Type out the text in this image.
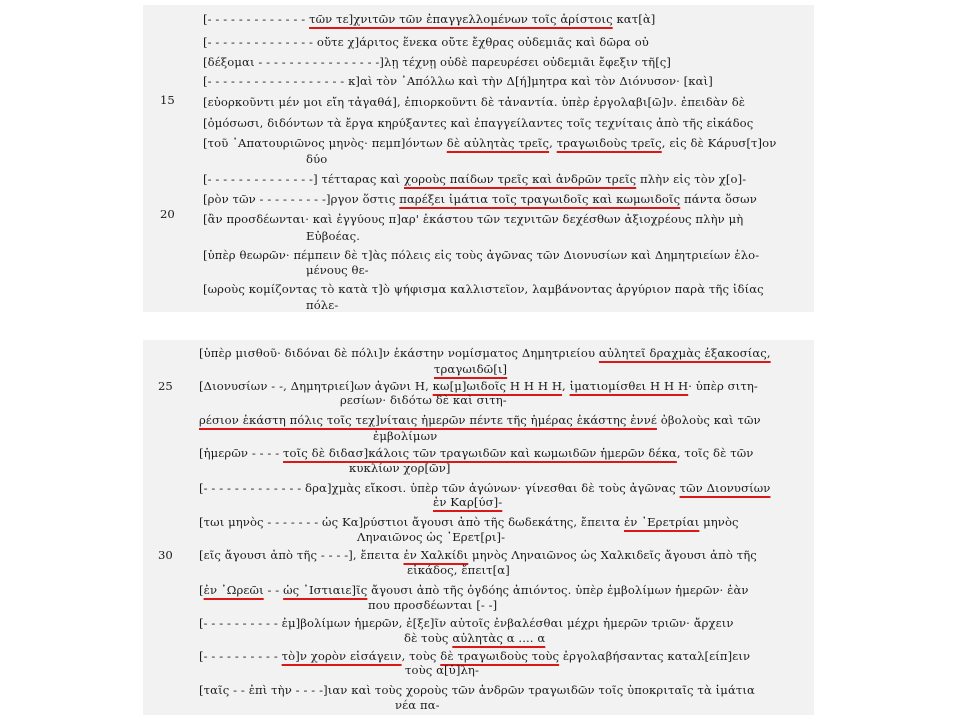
15
20
25
30
[- - - - - - - - - - - - - τῶν τε]χνιτῶν τῶν ἐπαγγελλομένων τοῖς ἀρίστοις κατ[ὰ]
[- - - - - - - - - - - - - - οὔτε χ]άριτος ἕνεκα οὔτε ἔχθρας οὐδεμιᾶς καὶ δῶρα οὐ
[δέξομαι - - - - - - - - - - - - - - - -]λῃ τέχνῃ οὐδὲ παρευρέσει οὐδεμιᾶι ἔφεξιν τῆ[ς]
[- - - - - - - - - - - - - - - - - - κ]αὶ τὸν ᾿Απόλλω καὶ τὴν Δ[ή]μητρα καὶ τὸν Διόνυσον· [καὶ]
[εὐορκοῦντι μέν μοι εἴη τἀγαθά], ἐπιορκοῦντι δὲ τἀναντία. ὑπὲρ ἐργολαβι[ῶ]ν. ἐπειδὰν δὲ
[ὀμόσωσι, διδόντων τὰ ἔργα κηρύξαντες καὶ ἐπαγγείλαντες τοῖς τεχνίταις ἀπὸ τῆς εἰκάδος
[τοῦ ᾿Απατουριῶνος μηνὸς· πεμπ]όντων δὲ αὐλητὰς τρεῖς, τραγωιδοὺς τρεῖς, εἰς δὲ Κάρυσ[τ]ον
δύο
[- - - - - - - - - - - - - -] τέτταρας καὶ χοροὺς παίδων τρεῖς καὶ ἀνδρῶν τρεῖς πλὴν εἰς τὸν χ[ο]-
[ρὸν τῶν - - - - - - - - -]ργον ὅστις παρέξει ἱμάτια τοῖς τραγωιδοῖς καὶ κωμωιδοῖς πάντα ὅσων
[ἂν προσδέωνται· καὶ ἐγγύους π]αρ' ἑκάστου τῶν τεχνιτῶν δεχέσθων ἀξιοχρέους πλὴν μὴ
Εὐβοέας.
[ὑπὲρ θεωρῶν· πέμπειν δὲ τ]ὰς πόλεις εἰς τοὺς ἀγῶνας τῶν Διονυσίων καὶ Δημητριείων ἑλο-
μένους θε-
[ωροὺς κομίζοντας τὸ κατὰ τ]ὸ ψήφισμα καλλιστεῖον, λαμβάνοντας ἀργύριον παρὰ τῆς ἰδίας
πόλε-
[ὑπὲρ μισθοῦ· διδόναι δὲ πόλι]ν ἑκάστην νομίσματος Δημητριείου αὐλητεῖ δραχμὰς ἑξακοσίας,
τραγωιδῶ[ι]
[Διονυσίων - -, Δημητριεί]ων ἀγῶνι Η, κω[μ]ωιδοῖς Η Η Η Η, ἱματιομίσθει Η Η Η· ὑπὲρ σιτη-
ρεσίων· διδότω δὲ καὶ σιτη-
ρέσιον ἑκάστη πόλις τοῖς τεχ]νίταις ἡμερῶν πέντε τῆς ἡμέρας ἑκάστης ἐννέ ὀβολοὺς καὶ τῶν
ἐμβολίμων
[ἡμερῶν - - - - τοῖς δὲ διδασ]κάλοις τῶν τραγωιδῶν καὶ κωμωιδῶν ἡμερῶν δέκα, τοῖς δὲ τῶν
κυκλίων χορ[ῶν]
[- - - - - - - - - - - - - δρα]χμὰς εἴκοσι. ὑπὲρ τῶν ἀγώνων· γίνεσθαι δὲ τοὺς ἀγῶνας τῶν Διονυσίων
ἐν Καρ[ύσ]-
[τωι μηνὸς - - - - - - - ὡς Κα]ρύστιοι ἄγουσι ἀπὸ τῆς δωδεκάτης, ἔπειτα ἐν ᾿Ερετρίαι μηνὸς
Ληναιῶνος ὡς ᾿Ερετ[ρι]-
[εῖς ἄγουσι ἀπὸ τῆς - - - -], ἔπειτα ἐν Χαλκίδι μηνὸς Ληναιῶνος ὡς Χαλκιδεῖς ἄγουσι ἀπὸ τῆς
εἰκάδος, ἔπειτ[α]
[ἐν ᾿Ωρεῶι - - ὡς ᾿Ιστιαιε]ῖς ἄγουσι ἀπὸ τῆς ὀγδόης ἀπιόντος. ὑπὲρ ἐμβολίμων ἡμερῶν· ἐὰν
που προσδέωνται [- -]
[- - - - - - - - - - ἐμ]βολίμων ἡμερῶν, ἐ[ξε]ῖν αὐτοῖς ἐνβαλέσθαι μέχρι ἡμερῶν τριῶν· ἄρχειν
δὲ τοὺς αὐλητὰς α .... α
[- - - - - - - - - - τὸ]ν χορὸν εἰσάγειν, τοὺς δὲ τραγωιδοὺς τοὺς ἐργολαβήσαντας καταλ[είπ]ειν
τοὺς α[ὐ]λη-
[ταῖς - - ἐπὶ τὴν - - - -]ιαν καὶ τοὺς χοροὺς τῶν ἀνδρῶν τραγωιδῶν τοῖς ὑποκριταῖς τὰ ἱμάτια
νέα πα-
